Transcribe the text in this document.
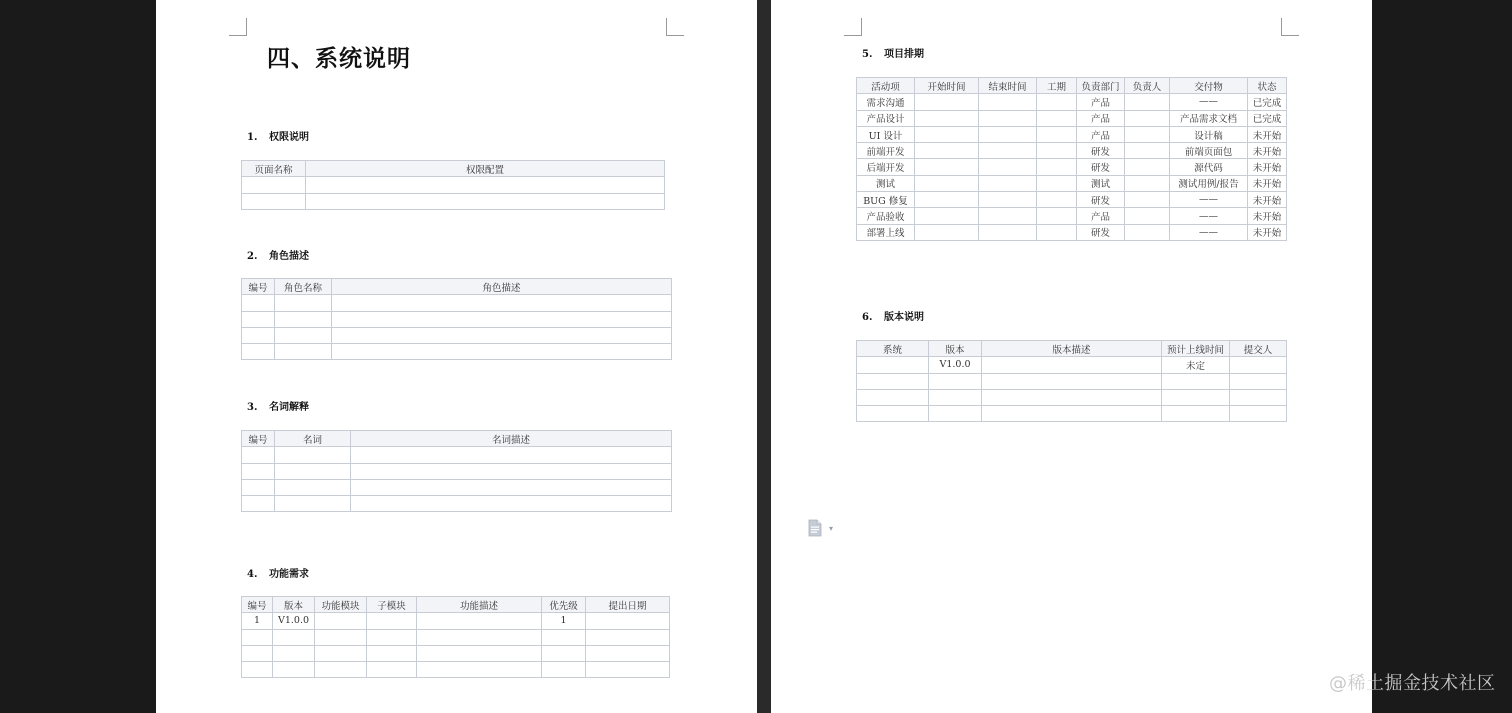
四、系统说明
1. 权限说明
页面名称	权限配置

2. 角色描述
编号	角色名称	角色描述

3. 名词解释
编号	名词	名词描述

4. 功能需求
编号	版本	功能模块	子模块	功能描述	优先级	提出日期
1	V1.0.0				1	

5. 项目排期
活动项	开始时间	结束时间	工期	负责部门	负责人	交付物	状态
需求沟通				产品		——	已完成
产品设计				产品		产品需求文档	已完成
UI 设计				产品		设计稿	未开始
前端开发				研发		前端页面包	未开始
后端开发				研发		源代码	未开始
测试				测试		测试用例/报告	未开始
BUG 修复				研发		——	未开始
产品验收				产品		——	未开始
部署上线				研发		——	未开始
6. 版本说明
系统	版本	版本描述	预计上线时间	提交人
	V1.0.0		未定	

▾
@稀土掘金技术社区
